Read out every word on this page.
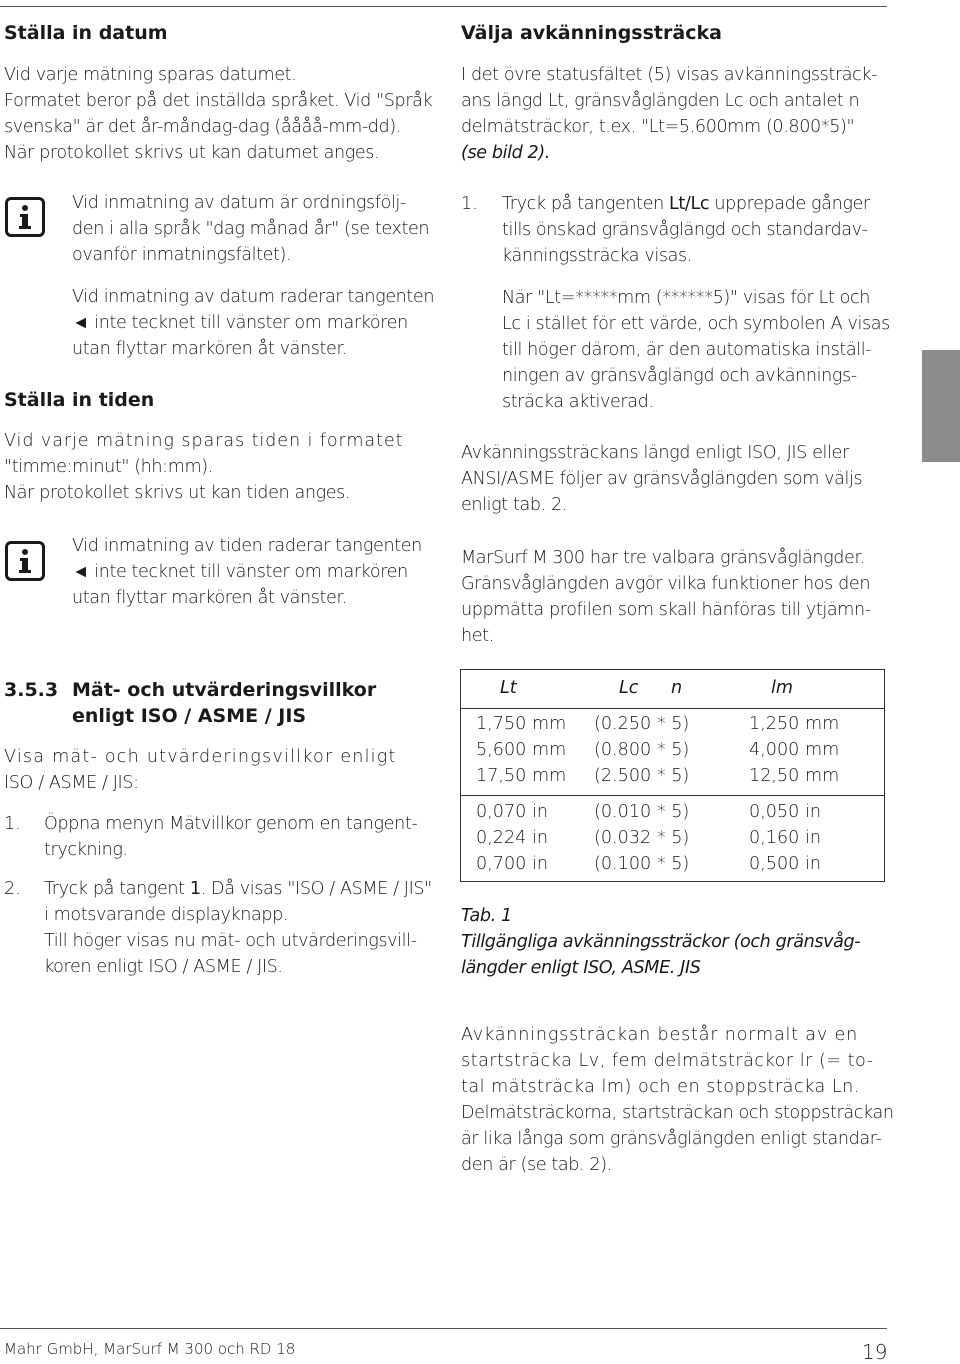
Ställa in datum
Vid varje mätning sparas datumet.
Formatet beror på det inställda språket. Vid "Språk
svenska" är det år-måndag-dag (åååå-mm-dd).
När protokollet skrivs ut kan datumet anges.
Vid inmatning av datum är ordningsfölj-
den i alla språk "dag månad år" (se texten
ovanför inmatningsfältet).
Vid inmatning av datum raderar tangenten
◄ inte tecknet till vänster om markören
utan flyttar markören åt vänster.
Ställa in tiden
Vid varje mätning sparas tiden i formatet
"timme:minut" (hh:mm).
När protokollet skrivs ut kan tiden anges.
Vid inmatning av tiden raderar tangenten
◄ inte tecknet till vänster om markören
utan flyttar markören åt vänster.
3.5.3 Mät- och utvärderingsvillkor
enligt ISO / ASME / JIS
Visa mät- och utvärderingsvillkor enligt
ISO / ASME / JIS:
1. Öppna menyn Mätvillkor genom en tangent-
tryckning.
2. Tryck på tangent 1. Då visas "ISO / ASME / JIS"
i motsvarande displayknapp.
Till höger visas nu mät- och utvärderingsvill-
koren enligt ISO / ASME / JIS.
Välja avkänningssträcka
I det övre statusfältet (5) visas avkänningssträck-
ans längd Lt, gränsvåglängden Lc och antalet n
delmätsträckor, t.ex. "Lt=5.600mm (0.800*5)"
(se bild 2).
1. Tryck på tangenten Lt/Lc upprepade gånger
tills önskad gränsvåglängd och standardav-
känningssträcka visas.
När "Lt=*****mm (******5)" visas för Lt och
Lc i stället för ett värde, och symbolen A visas
till höger därom, är den automatiska inställ-
ningen av gränsvåglängd och avkännings-
sträcka aktiverad.
Avkänningssträckans längd enligt ISO, JIS eller
ANSI/ASME följer av gränsvåglängden som väljs
enligt tab. 2.
MarSurf M 300 har tre valbara gränsvåglängder.
Gränsvåglängden avgör vilka funktioner hos den
uppmätta profilen som skall hänföras till ytjämn-
het.
Lt	Lc n	lm
1,750 mm (0.250 * 5)	1,250 mm
5,600 mm (0.800 * 5)	4,000 mm
17,50 mm (2.500 * 5)	12,50 mm
0,070 in	(0.010 * 5)	0,050 in
0,224 in	(0.032 * 5)	0,160 in
0,700 in	(0.100 * 5)	0,500 in
Tab. 1
Tillgängliga avkänningssträckor (och gränsvåg-
längder enligt ISO, ASME. JIS
Avkänningssträckan består normalt av en
startsträcka Lv, fem delmätsträckor lr (= to-
tal mätsträcka lm) och en stoppsträcka Ln.
Delmätsträckorna, startsträckan och stoppsträckan
är lika långa som gränsvåglängden enligt standar-
den är (se tab. 2).
Mahr GmbH, MarSurf M 300 och RD 18	19
